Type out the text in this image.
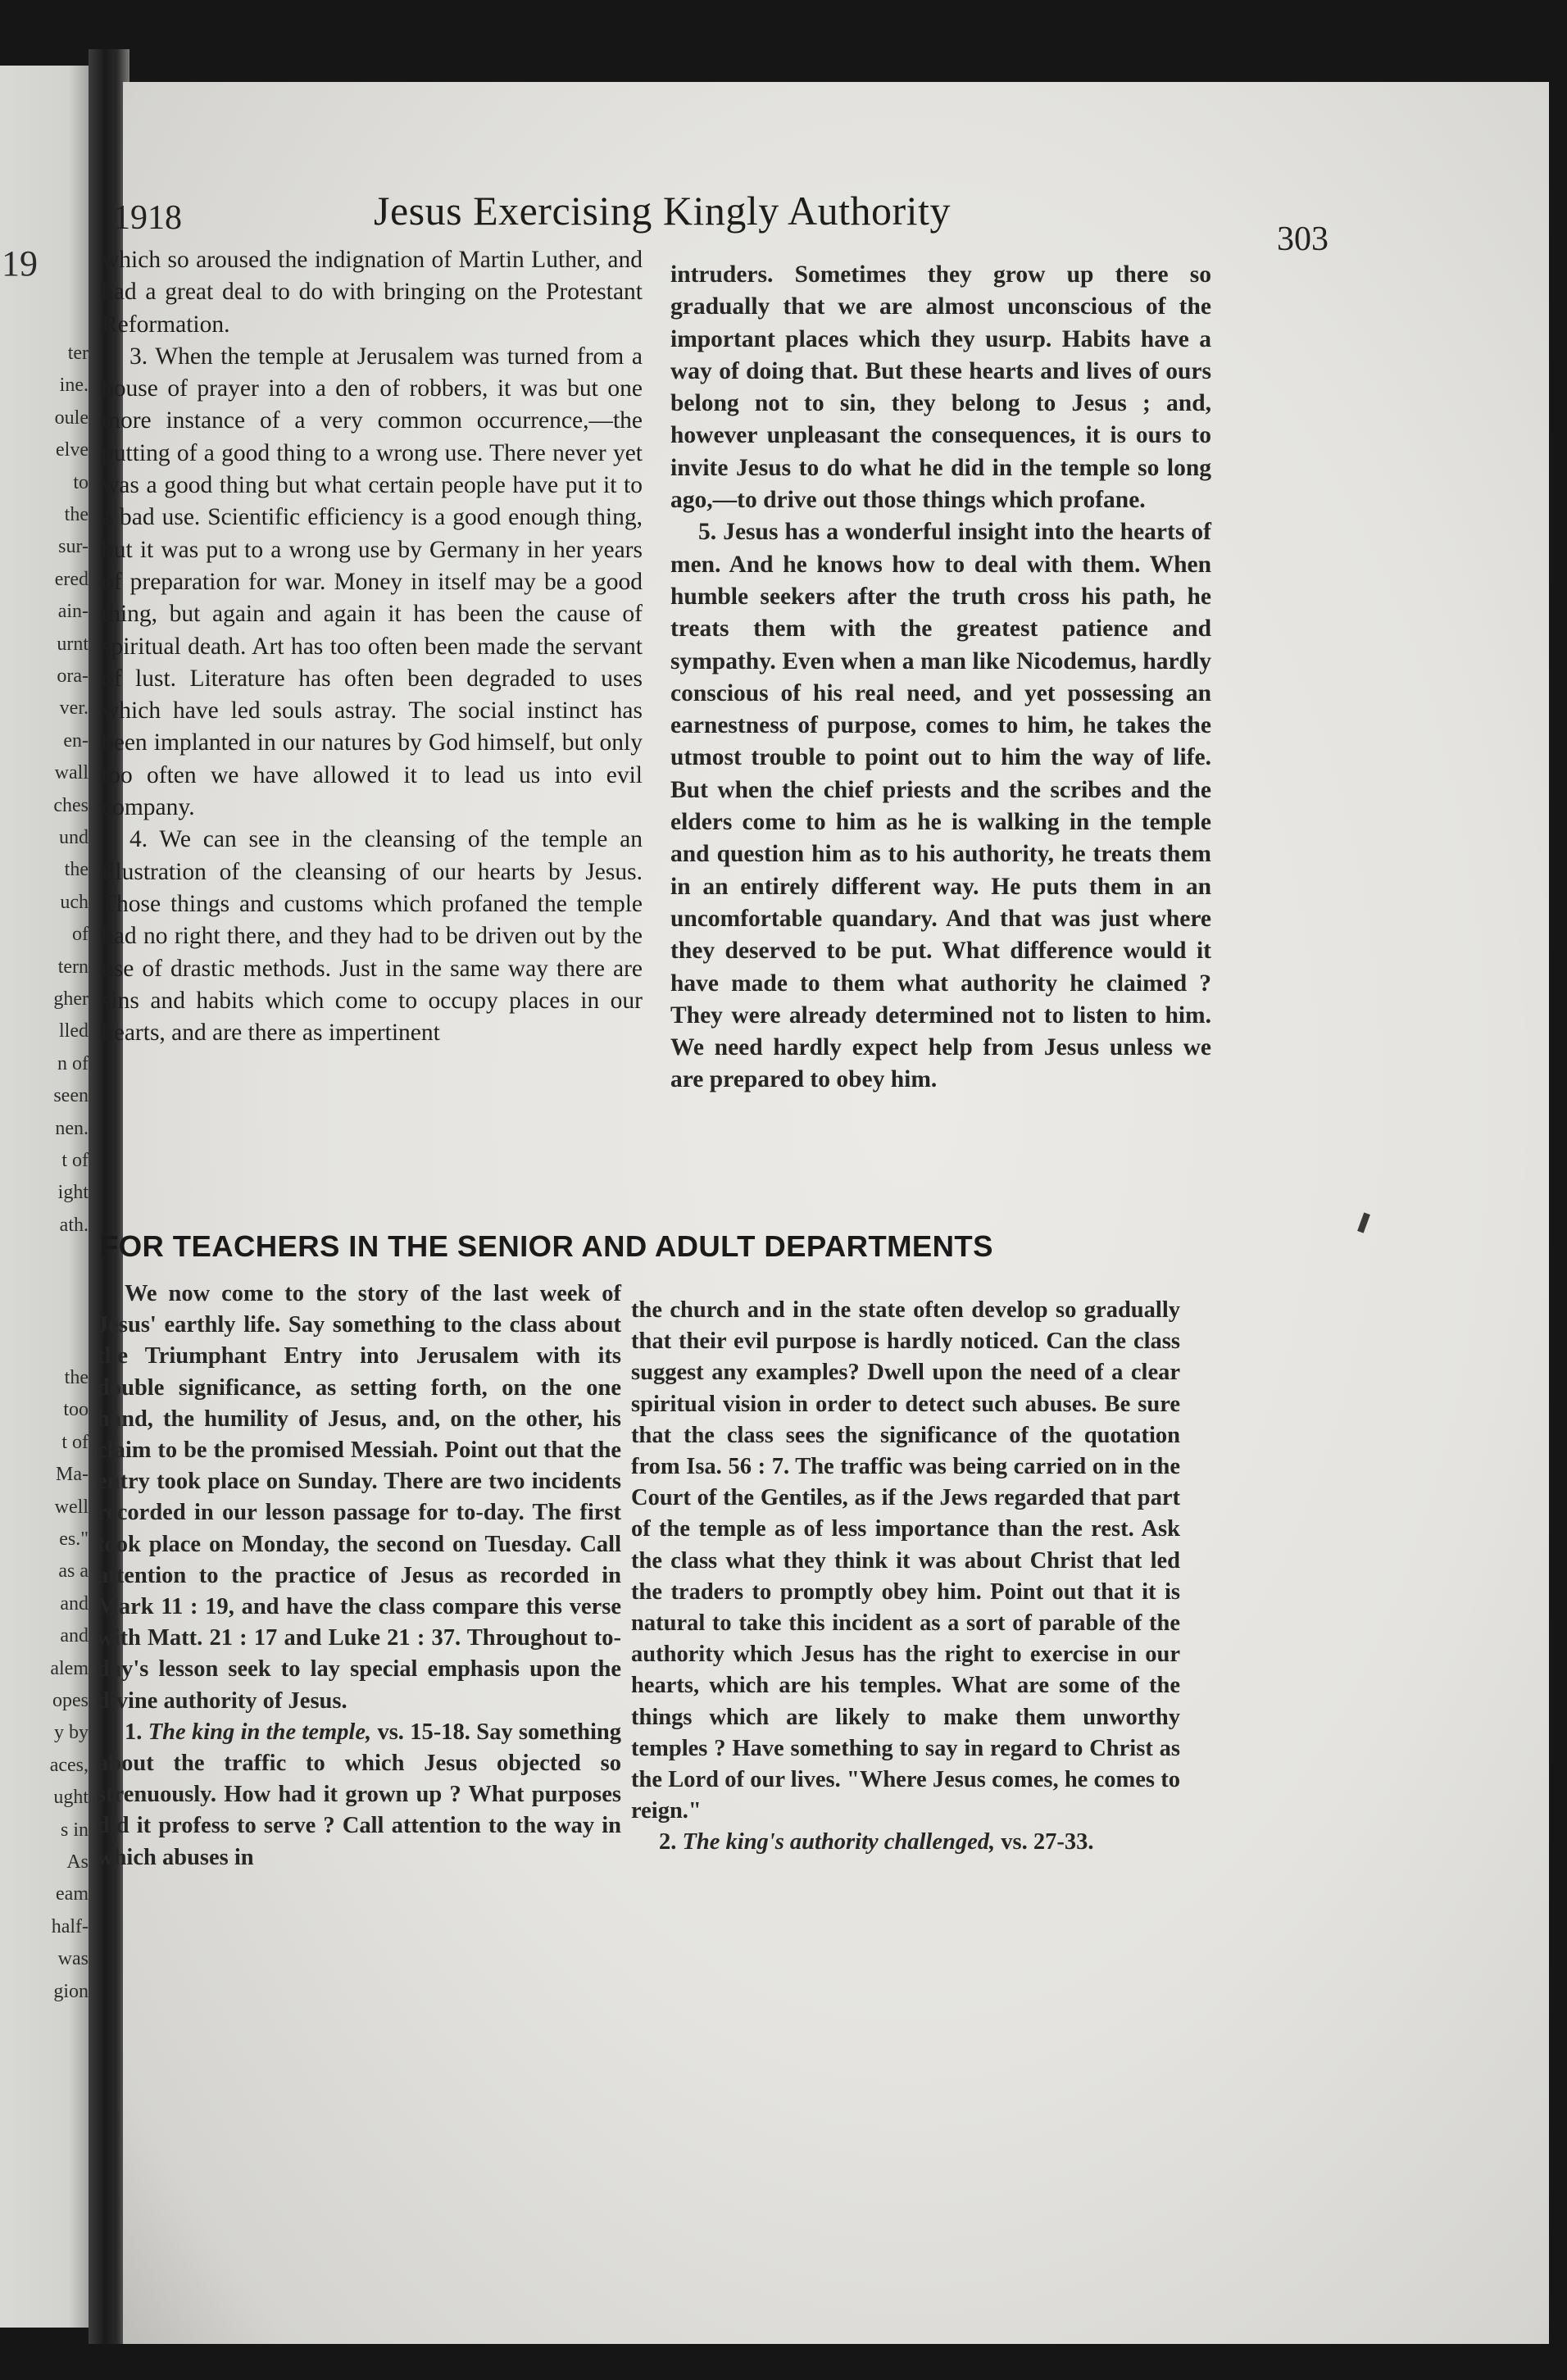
19
ter
ine.
oule
elve
to
the
sur-
ered
ain-
urnt
ora-
ver.
en-
wall
ches
und
the
uch
of
tern
gher
lled
n of
seen
nen.
t of
ight
ath.
the
too
t of
Ma-
well
es."
as a
and
and
alem
opes
y by
aces,
ught
s in
As
eam
half-
was
gion
1918	Jesus Exercising Kingly Authority
303

which so aroused the indignation of Martin Luther, and had a great deal to do with bringing on the Protestant Reformation.

3. When the temple at Jerusalem was turned from a house of prayer into a den of robbers, it was but one more instance of a very common occurrence,—the putting of a good thing to a wrong use. There never yet was a good thing but what certain people have put it to a bad use. Scientific efficiency is a good enough thing, but it was put to a wrong use by Germany in her years of preparation for war. Money in itself may be a good thing, but again and again it has been the cause of spiritual death. Art has too often been made the servant of lust. Literature has often been degraded to uses which have led souls astray. The social instinct has been implanted in our natures by God himself, but only too often we have allowed it to lead us into evil company.

4. We can see in the cleansing of the temple an illustration of the cleansing of our hearts by Jesus. Those things and customs which profaned the temple had no right there, and they had to be driven out by the use of drastic methods. Just in the same way there are sins and habits which come to occupy places in our hearts, and are there as impertinent

intruders. Sometimes they grow up there so gradually that we are almost unconscious of the important places which they usurp. Habits have a way of doing that. But these hearts and lives of ours belong not to sin, they belong to Jesus ; and, however unpleasant the consequences, it is ours to invite Jesus to do what he did in the temple so long ago,—to drive out those things which profane.

5. Jesus has a wonderful insight into the hearts of men. And he knows how to deal with them. When humble seekers after the truth cross his path, he treats them with the greatest patience and sympathy. Even when a man like Nicodemus, hardly conscious of his real need, and yet possessing an earnestness of purpose, comes to him, he takes the utmost trouble to point out to him the way of life. But when the chief priests and the scribes and the elders come to him as he is walking in the temple and question him as to his authority, he treats them in an entirely different way. He puts them in an uncomfortable quandary. And that was just where they deserved to be put. What difference would it have made to them what authority he claimed ? They were already determined not to listen to him. We need hardly expect help from Jesus unless we are prepared to obey him.

FOR TEACHERS IN THE SENIOR AND ADULT DEPARTMENTS

We now come to the story of the last week of Jesus' earthly life. Say something to the class about the Triumphant Entry into Jerusalem with its double significance, as setting forth, on the one hand, the humility of Jesus, and, on the other, his claim to be the promised Messiah. Point out that the entry took place on Sunday. There are two incidents recorded in our lesson passage for to-day. The first took place on Monday, the second on Tuesday. Call attention to the practice of Jesus as recorded in Mark 11 : 19, and have the class compare this verse with Matt. 21 : 17 and Luke 21 : 37. Throughout to-day's lesson seek to lay special emphasis upon the divine authority of Jesus.

1. The king in the temple, vs. 15-18. Say something about the traffic to which Jesus objected so strenuously. How had it grown up ? What purposes did it profess to serve ? Call attention to the way in which abuses in

the church and in the state often develop so gradually that their evil purpose is hardly noticed. Can the class suggest any examples? Dwell upon the need of a clear spiritual vision in order to detect such abuses. Be sure that the class sees the significance of the quotation from Isa. 56 : 7. The traffic was being carried on in the Court of the Gentiles, as if the Jews regarded that part of the temple as of less importance than the rest. Ask the class what they think it was about Christ that led the traders to promptly obey him. Point out that it is natural to take this incident as a sort of parable of the authority which Jesus has the right to exercise in our hearts, which are his temples. What are some of the things which are likely to make them unworthy temples ? Have something to say in regard to Christ as the Lord of our lives. "Where Jesus comes, he comes to reign."

2. The king's authority challenged, vs. 27-33.
